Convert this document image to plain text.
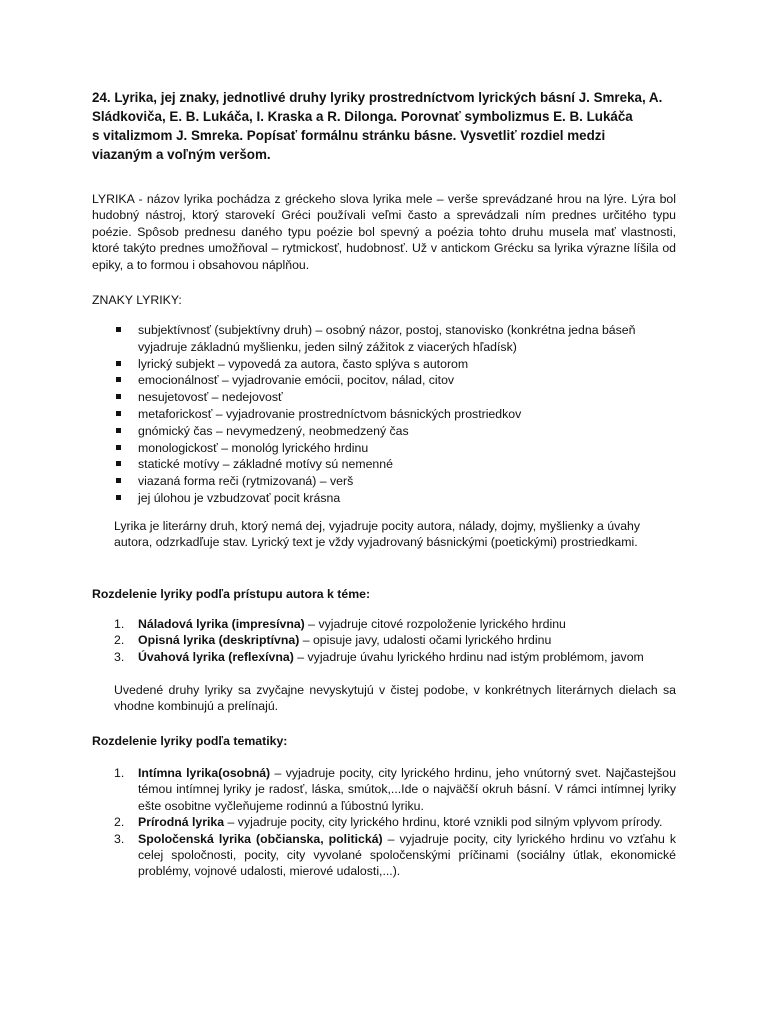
24. Lyrika, jej znaky, jednotlivé druhy lyriky prostredníctvom lyrických básní J. Smreka, A.
Sládkoviča, E. B. Lukáča, I. Kraska a R. Dilonga. Porovnať symbolizmus E. B. Lukáča
s vitalizmom J. Smreka. Popísať formálnu stránku básne. Vysvetliť rozdiel medzi
viazaným a voľným veršom.

LYRIKA - názov lyrika pochádza z gréckeho slova lyrika mele – verše sprevádzané hrou na lýre. Lýra bol hudobný nástroj, ktorý starovekí Gréci používali veľmi často a sprevádzali ním prednes určitého typu poézie. Spôsob prednesu daného typu poézie bol spevný a poézia tohto druhu musela mať vlastnosti, ktoré takýto prednes umožňoval – rytmickosť, hudobnosť. Už v antickom Grécku sa lyrika výrazne líšila od epiky, a to formou i obsahovou náplňou.

ZNAKY LYRIKY:

subjektívnosť (subjektívny druh) – osobný názor, postoj, stanovisko (konkrétna jedna báseň vyjadruje základnú myšlienku, jeden silný zážitok z viacerých hľadísk)
lyrický subjekt – vypovedá za autora, často splýva s autorom
emocionálnosť – vyjadrovanie emócii, pocitov, nálad, citov
nesujetovosť – nedejovosť
metaforickosť – vyjadrovanie prostredníctvom básnických prostriedkov
gnómický čas – nevymedzený, neobmedzený čas
monologickosť – monológ lyrického hrdinu
statické motívy – základné motívy sú nemenné
viazaná forma reči (rytmizovaná) – verš
jej úlohou je vzbudzovať pocit krásna

Lyrika je literárny druh, ktorý nemá dej, vyjadruje pocity autora, nálady, dojmy, myšlienky a úvahy autora, odzrkadľuje stav. Lyrický text je vždy vyjadrovaný básnickými (poetickými) prostriedkami.

Rozdelenie lyriky podľa prístupu autora k téme:

1. Náladová lyrika (impresívna) – vyjadruje citové rozpoloženie lyrického hrdinu
2. Opisná lyrika (deskriptívna) – opisuje javy, udalosti očami lyrického hrdinu
3. Úvahová lyrika (reflexívna) – vyjadruje úvahu lyrického hrdinu nad istým problémom, javom

Uvedené druhy lyriky sa zvyčajne nevyskytujú v čistej podobe, v konkrétnych literárnych dielach sa vhodne kombinujú a prelínajú.

Rozdelenie lyriky podľa tematiky:

1. Intímna lyrika(osobná) – vyjadruje pocity, city lyrického hrdinu, jeho vnútorný svet. Najčastejšou témou intímnej lyriky je radosť, láska, smútok,...Ide o najväčší okruh básní. V rámci intímnej lyriky ešte osobitne vyčleňujeme rodinnú a ľúbostnú lyriku.
2. Prírodná lyrika – vyjadruje pocity, city lyrického hrdinu, ktoré vznikli pod silným vplyvom prírody.
3. Spoločenská lyrika (občianska, politická) – vyjadruje pocity, city lyrického hrdinu vo vzťahu k celej spoločnosti, pocity, city vyvolané spoločenskými príčinami (sociálny útlak, ekonomické problémy, vojnové udalosti, mierové udalosti,...).
